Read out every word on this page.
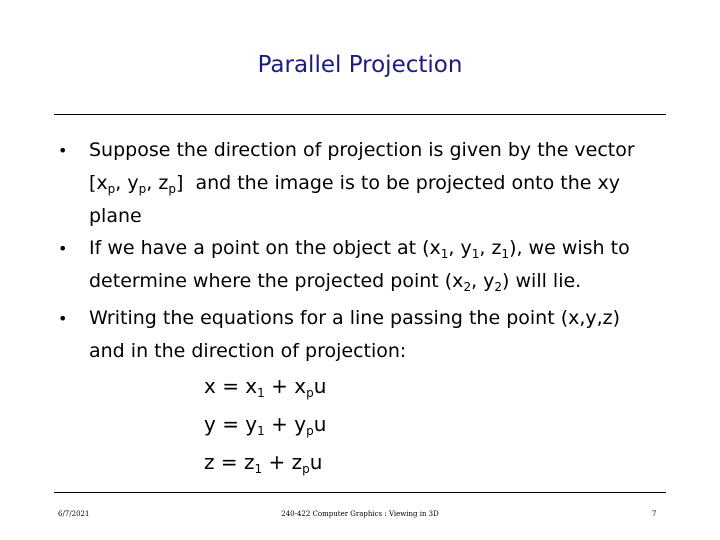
Parallel Projection
• Suppose the direction of projection is given by the vector
[$x_p$, $y_p$, $z_p$]  and the image is to be projected onto the xy
plane
• If we have a point on the object at ($x_1$, $y_1$, $z_1$), we wish to
determine where the projected point ($x_2$, $y_2$) will lie.
• Writing the equations for a line passing the point (x,y,z)
and in the direction of projection:
$x = x_1 + x_pu$
$y = y_1 + y_pu$
$z = z_1 + z_pu$
6/7/2021	240-422 Computer Graphics : Viewing in 3D	7
